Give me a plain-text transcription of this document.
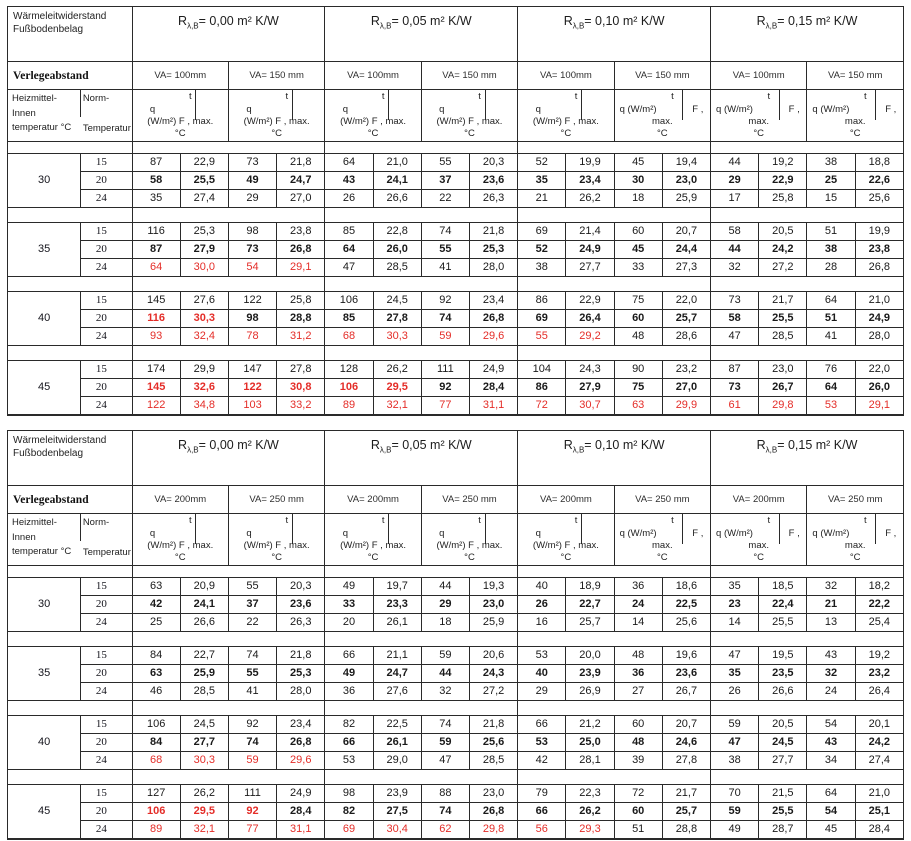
Wärmeleitwiderstand
Fußbodenbelag		$R_{\lambda,B}= 0,00$ m² K/W				$R_{\lambda,B}= 0,05$ m² K/W				$R_{\lambda,B}= 0,10$ m² K/W				$R_{\lambda,B}= 0,15$ m² K/W			
Verlegeabstand		VA= 100mm		VA= 150 mm		VA= 100mm		VA= 150 mm		VA= 100mm		VA= 150 mm		VA= 100mm		VA= 150 mm	

Heizmittel-
Innen
temperatur °C

Norm-
Temperatur

t
q
(W/m²) F , max.
°C

t
q
(W/m²) F , max.
°C

t
q
(W/m²) F , max.
°C

t
q
(W/m²) F , max.
°C

t
q
(W/m²) F , max.
°C

t
q (W/m²)	F ,
max.
°C

t
q (W/m²)	F ,
max.
°C

t
q (W/m²)	F ,
max.
°C

30	15	87	22,9	73	21,8	64	21,0	55	20,3	52	19,9	45	19,4	44	19,2	38	18,8
	20	58	25,5	49	24,7	43	24,1	37	23,6	35	23,4	30	23,0	29	22,9	25	22,6
	24	35	27,4	29	27,0	26	26,6	22	26,3	21	26,2	18	25,9	17	25,8	15	25,6

35	15	116	25,3	98	23,8	85	22,8	74	21,8	69	21,4	60	20,7	58	20,5	51	19,9
	20	87	27,9	73	26,8	64	26,0	55	25,3	52	24,9	45	24,4	44	24,2	38	23,8
	24	64	30,0	54	29,1	47	28,5	41	28,0	38	27,7	33	27,3	32	27,2	28	26,8

40	15	145	27,6	122	25,8	106	24,5	92	23,4	86	22,9	75	22,0	73	21,7	64	21,0
	20	116	30,3	98	28,8	85	27,8	74	26,8	69	26,4	60	25,7	58	25,5	51	24,9
	24	93	32,4	78	31,2	68	30,3	59	29,6	55	29,2	48	28,6	47	28,5	41	28,0

45	15	174	29,9	147	27,8	128	26,2	111	24,9	104	24,3	90	23,2	87	23,0	76	22,0
	20	145	32,6	122	30,8	106	29,5	92	28,4	86	27,9	75	27,0	73	26,7	64	26,0
	24	122	34,8	103	33,2	89	32,1	77	31,1	72	30,7	63	29,9	61	29,8	53	29,1
Wärmeleitwiderstand
Fußbodenbelag		$R_{\lambda,B}= 0,00$ m² K/W				$R_{\lambda,B}= 0,05$ m² K/W				$R_{\lambda,B}= 0,10$ m² K/W				$R_{\lambda,B}= 0,15$ m² K/W			
Verlegeabstand		VA= 200mm		VA= 250 mm		VA= 200mm		VA= 250 mm		VA= 200mm		VA= 250 mm		VA= 200mm		VA= 250 mm	

Heizmittel-
Innen
temperatur °C

Norm-
Temperatur

t
q
(W/m²) F , max.
°C

t
q
(W/m²) F , max.
°C

t
q
(W/m²) F , max.
°C

t
q
(W/m²) F , max.
°C

t
q
(W/m²) F , max.
°C

t
q (W/m²)	F ,
max.
°C

t
q (W/m²)	F ,
max.
°C

t
q (W/m²)	F ,
max.
°C

30	15	63	20,9	55	20,3	49	19,7	44	19,3	40	18,9	36	18,6	35	18,5	32	18,2
	20	42	24,1	37	23,6	33	23,3	29	23,0	26	22,7	24	22,5	23	22,4	21	22,2
	24	25	26,6	22	26,3	20	26,1	18	25,9	16	25,7	14	25,6	14	25,5	13	25,4

35	15	84	22,7	74	21,8	66	21,1	59	20,6	53	20,0	48	19,6	47	19,5	43	19,2
	20	63	25,9	55	25,3	49	24,7	44	24,3	40	23,9	36	23,6	35	23,5	32	23,2
	24	46	28,5	41	28,0	36	27,6	32	27,2	29	26,9	27	26,7	26	26,6	24	26,4

40	15	106	24,5	92	23,4	82	22,5	74	21,8	66	21,2	60	20,7	59	20,5	54	20,1
	20	84	27,7	74	26,8	66	26,1	59	25,6	53	25,0	48	24,6	47	24,5	43	24,2
	24	68	30,3	59	29,6	53	29,0	47	28,5	42	28,1	39	27,8	38	27,7	34	27,4

45	15	127	26,2	111	24,9	98	23,9	88	23,0	79	22,3	72	21,7	70	21,5	64	21,0
	20	106	29,5	92	28,4	82	27,5	74	26,8	66	26,2	60	25,7	59	25,5	54	25,1
	24	89	32,1	77	31,1	69	30,4	62	29,8	56	29,3	51	28,8	49	28,7	45	28,4
